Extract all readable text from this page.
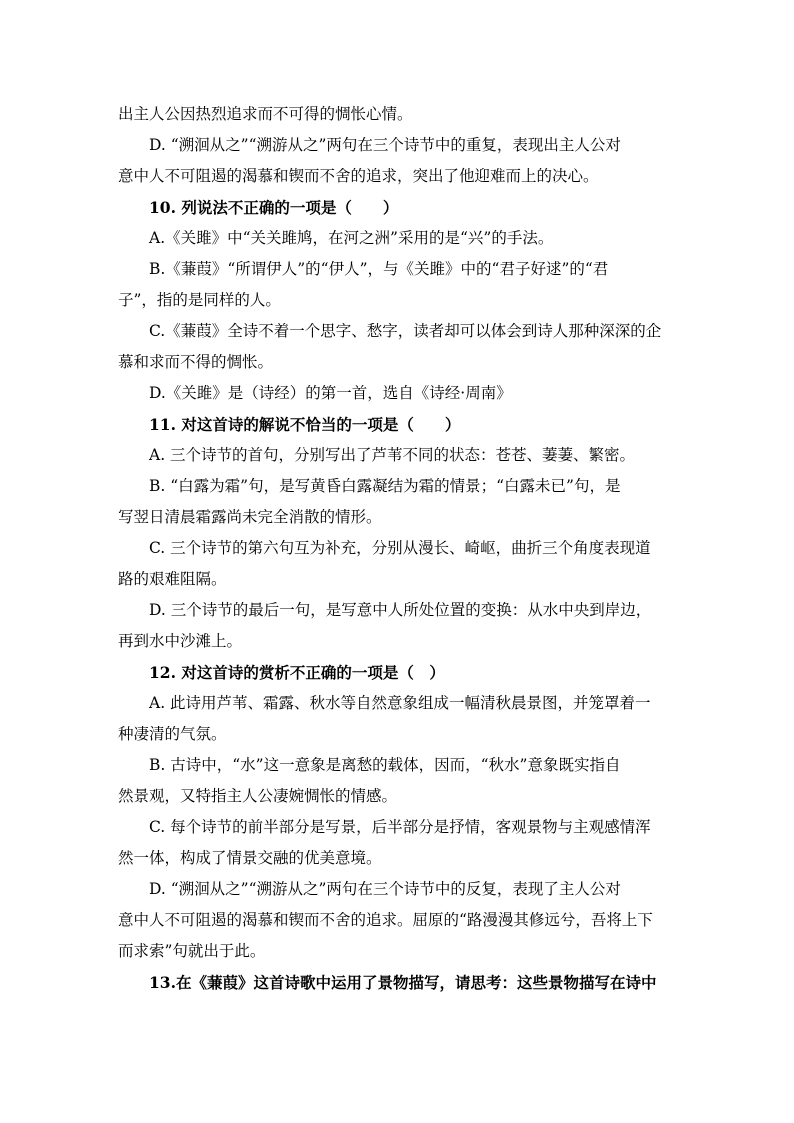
出主人公因热烈追求而不可得的惆怅心情。
D. “溯洄从之”“溯游从之”两句在三个诗节中的重复，表现出主人公对
意中人不可阻遏的渴慕和锲而不舍的追求，突出了他迎难而上的决心。
10. 列说法不正确的一项是（　　）
A.《关雎》中“关关雎鸠，在河之洲”采用的是“兴”的手法。
B.《蒹葭》“所谓伊人”的“伊人”，与《关雎》中的“君子好逑”的“君
子”，指的是同样的人。
C.《蒹葭》全诗不着一个思字、愁字，读者却可以体会到诗人那种深深的企
慕和求而不得的惆怅。
D.《关雎》是（诗经）的第一首，选自《诗经·周南》
11. 对这首诗的解说不恰当的一项是（　　）
A. 三个诗节的首句，分别写出了芦苇不同的状态：苍苍、萋萋、繁密。
B. “白露为霜”句，是写黄昏白露凝结为霜的情景；“白露未已”句，是
写翌日清晨霜露尚未完全消散的情形。
C. 三个诗节的第六句互为补充，分别从漫长、崎岖，曲折三个角度表现道
路的艰难阻隔。
D. 三个诗节的最后一句，是写意中人所处位置的变换：从水中央到岸边，
再到水中沙滩上。
12. 对这首诗的赏析不正确的一项是（　）
A. 此诗用芦苇、霜露、秋水等自然意象组成一幅清秋晨景图，并笼罩着一
种凄清的气氛。
B. 古诗中，“水”这一意象是离愁的载体，因而，“秋水”意象既实指自
然景观，又特指主人公凄婉惆怅的情感。
C. 每个诗节的前半部分是写景，后半部分是抒情，客观景物与主观感情浑
然一体，构成了情景交融的优美意境。
D. “溯洄从之”“溯游从之”两句在三个诗节中的反复，表现了主人公对
意中人不可阻遏的渴慕和锲而不舍的追求。屈原的“路漫漫其修远兮，吾将上下
而求索”句就出于此。
13.在《蒹葭》这首诗歌中运用了景物描写，请思考：这些景物描写在诗中
